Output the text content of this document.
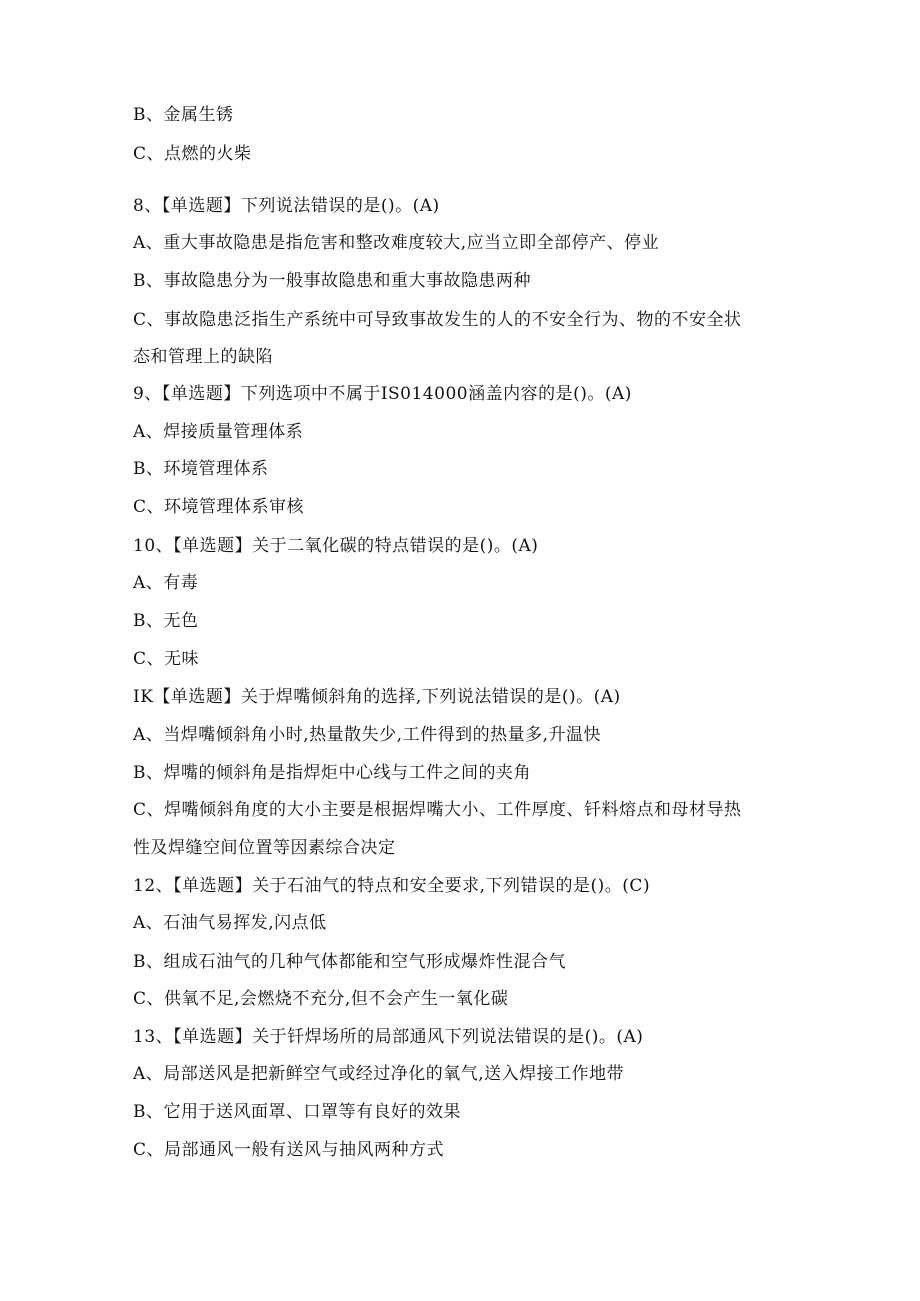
B、金属生锈
C、点燃的火柴
8、【单选题】下列说法错误的是()。(A)
A、重大事故隐患是指危害和整改难度较大,应当立即全部停产、停业
B、事故隐患分为一般事故隐患和重大事故隐患两种
C、事故隐患泛指生产系统中可导致事故发生的人的不安全行为、物的不安全状
态和管理上的缺陷
9、【单选题】下列选项中不属于IS014000涵盖内容的是()。(A)
A、焊接质量管理体系
B、环境管理体系
C、环境管理体系审核
10、【单选题】关于二氧化碳的特点错误的是()。(A)
A、有毒
B、无色
C、无味
IK【单选题】关于焊嘴倾斜角的选择,下列说法错误的是()。(A)
A、当焊嘴倾斜角小时,热量散失少,工件得到的热量多,升温快
B、焊嘴的倾斜角是指焊炬中心线与工件之间的夹角
C、焊嘴倾斜角度的大小主要是根据焊嘴大小、工件厚度、钎料熔点和母材导热
性及焊缝空间位置等因素综合决定
12、【单选题】关于石油气的特点和安全要求,下列错误的是()。(C)
A、石油气易挥发,闪点低
B、组成石油气的几种气体都能和空气形成爆炸性混合气
C、供氧不足,会燃烧不充分,但不会产生一氧化碳
13、【单选题】关于钎焊场所的局部通风下列说法错误的是()。(A)
A、局部送风是把新鲜空气或经过净化的氧气,送入焊接工作地带
B、它用于送风面罩、口罩等有良好的效果
C、局部通风一般有送风与抽风两种方式
